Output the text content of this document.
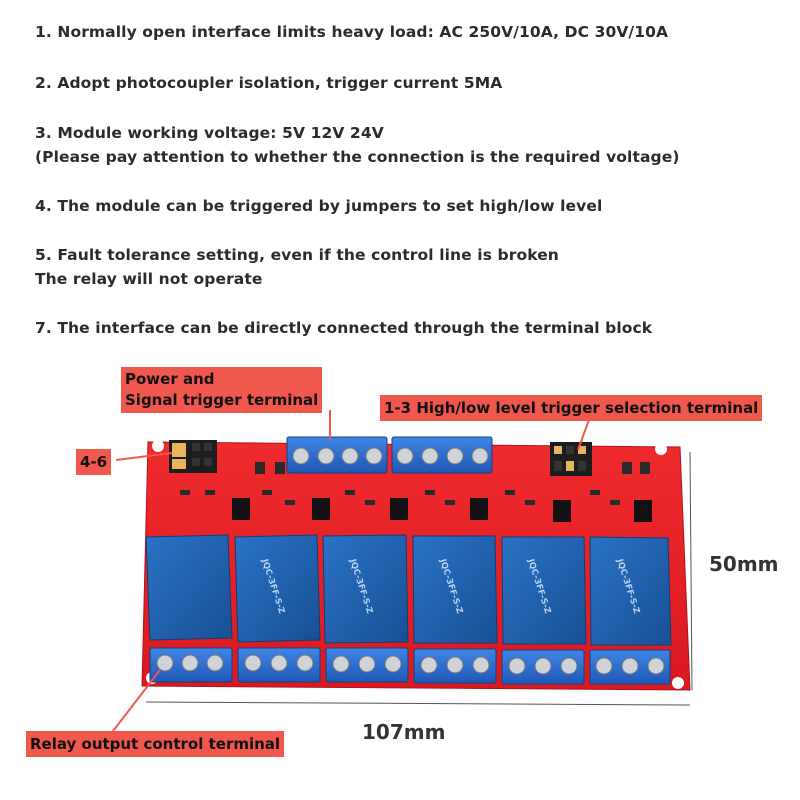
1. Normally open interface limits heavy load: AC 250V/10A, DC 30V/10A
2. Adopt photocoupler isolation, trigger current 5MA
3. Module working voltage: 5V 12V 24V
(Please pay attention to whether the connection is the required voltage)
4. The module can be triggered by jumpers to set high/low level
5. Fault tolerance setting, even if the control line is broken
The relay will not operate
7. The interface can be directly connected through the terminal block
JQC-3FF-S-Z	JQC-3FF-S-Z	JQC-3FF-S-Z	JQC-3FF-S-Z	JQC-3FF-S-Z
Power and
Signal trigger terminal	1-3 High/low level trigger selection terminal
4-6
Relay output control terminal
50mm
107mm
